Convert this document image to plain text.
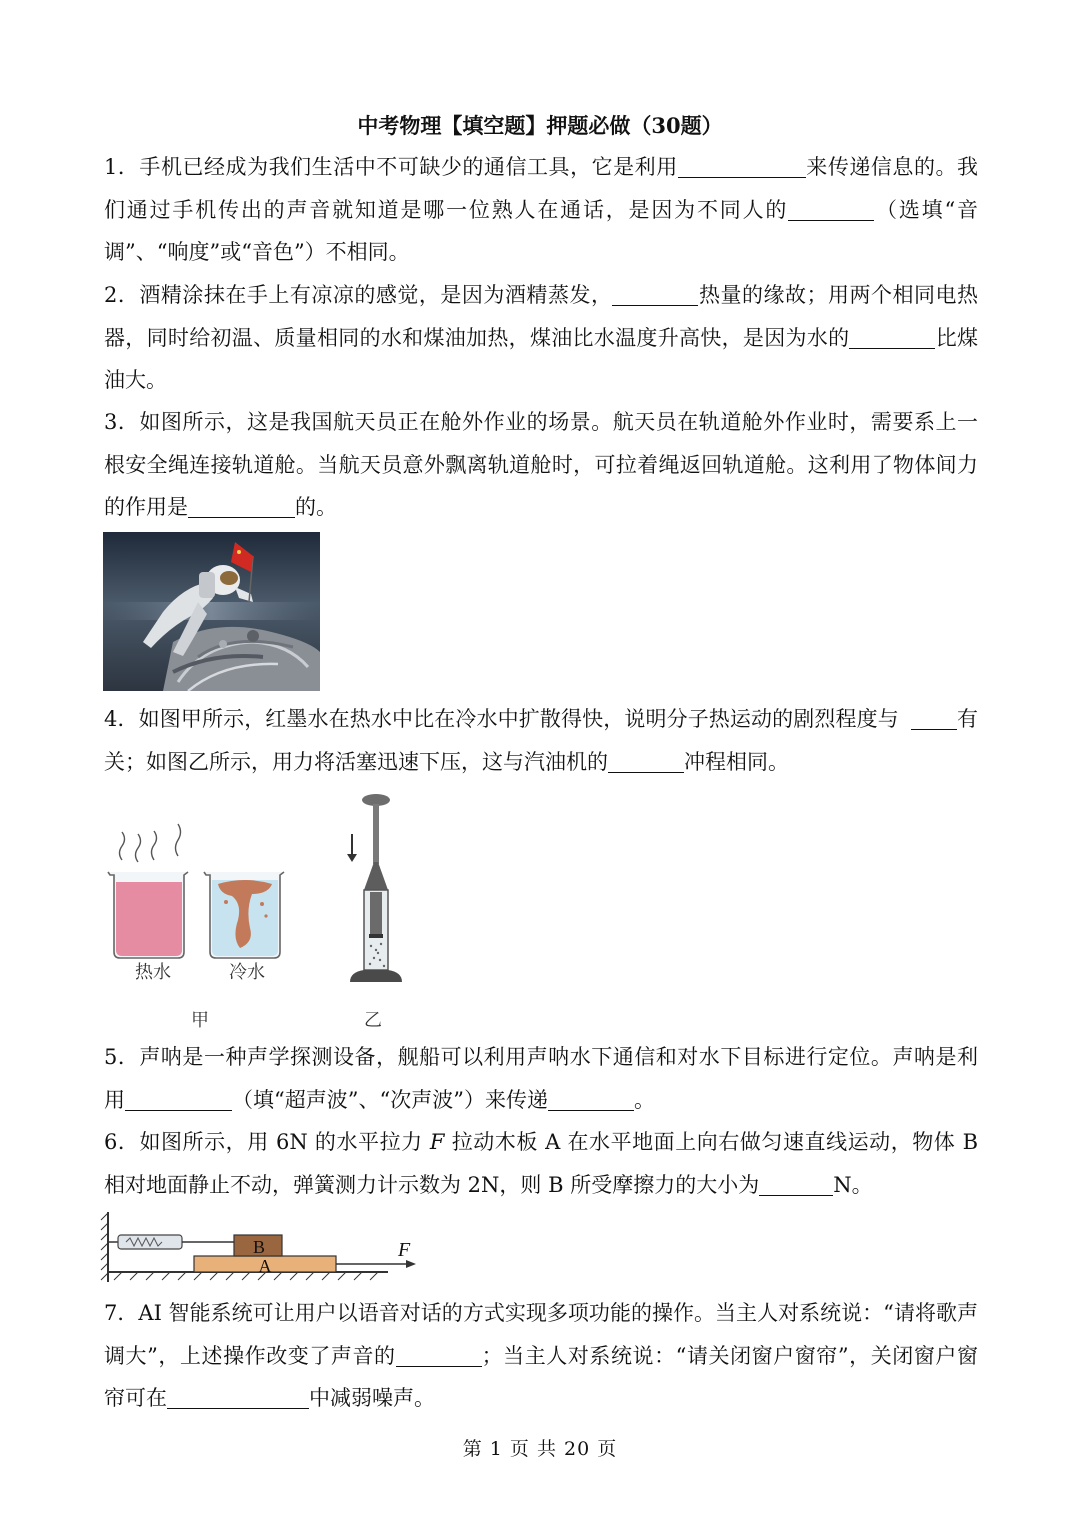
中考物理【填空题】押题必做（30题）
1．手机已经成为我们生活中不可缺少的通信工具，它是利用	来传递信息的。我们通过手机传出的声音就知道是哪一位熟人在通话，是因为不同人的	（选填“音调”、“响度”或“音色”）不相同。
2．酒精涂抹在手上有凉凉的感觉，是因为酒精蒸发，	热量的缘故；用两个相同电热器，同时给初温、质量相同的水和煤油加热，煤油比水温度升高快，是因为水的	比煤油大。
3．如图所示，这是我国航天员正在舱外作业的场景。航天员在轨道舱外作业时，需要系上一根安全绳连接轨道舱。当航天员意外飘离轨道舱时，可拉着绳返回轨道舱。这利用了物体间力的作用是	的。
4．如图甲所示，红墨水在热水中比在冷水中扩散得快，说明分子热运动的剧烈程度与	有关；如图乙所示，用力将活塞迅速下压，这与汽油机的	冲程相同。
热水	冷水
甲	乙
5．声呐是一种声学探测设备，舰船可以利用声呐水下通信和对水下目标进行定位。声呐是利用	（填“超声波”、“次声波”）来传递	。
6．如图所示，用 6N 的水平拉力 F 拉动木板 A 在水平地面上向右做匀速直线运动，物体 B 相对地面静止不动，弹簧测力计示数为 2N，则 B 所受摩擦力的大小为	N。
B
A
F
7．AI 智能系统可让用户以语音对话的方式实现多项功能的操作。当主人对系统说：“请将歌声调大”，上述操作改变了声音的	；当主人对系统说：“请关闭窗户窗帘”，关闭窗户窗帘可在	中减弱噪声。
第 1 页 共 20 页
